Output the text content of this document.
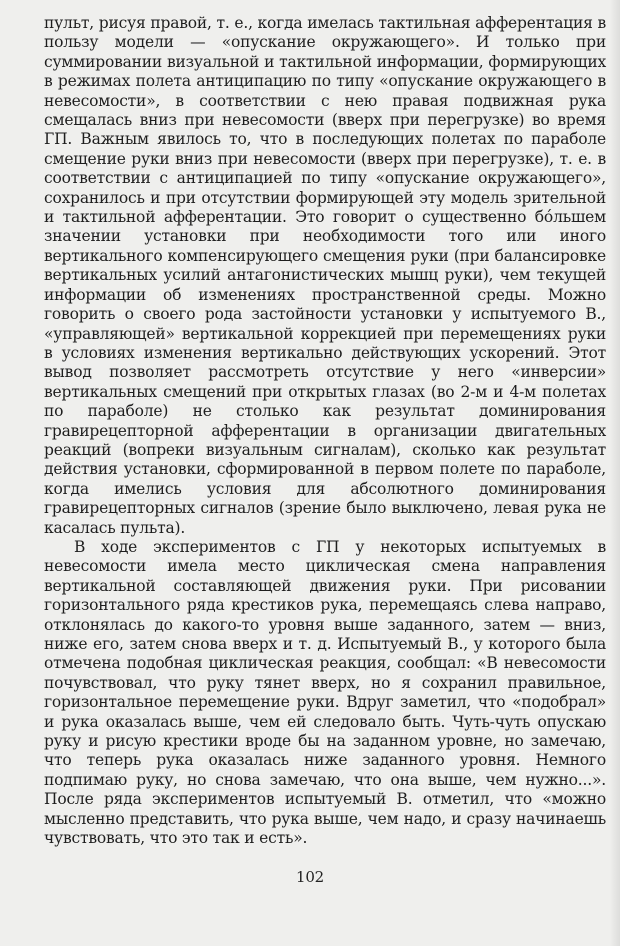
пульт, рисуя правой, т. е., когда имелась тактильная афферентация в пользу модели — «опускание окружающего». И только при суммировании визуальной и тактильной информации, формирующих в режимах полета антиципацию по типу «опускание окружающего в невесомости», в соответствии с нею правая подвижная рука смещалась вниз при невесомости (вверх при перегрузке) во время ГП. Важным явилось то, что в последующих полетах по параболе смещение руки вниз при невесомости (вверх при перегрузке), т. е. в соответствии с антиципацией по типу «опускание окружающего», сохранилось и при отсутствии формирующей эту модель зрительной и тактильной афферентации. Это говорит о существенно бо́льшем значении установки при необходимости того или иного вертикального компенсирующего смещения руки (при балансировке вертикальных усилий антагонистических мышц руки), чем текущей информации об изменениях пространственной среды. Можно говорить о своего рода застойности установки у испытуемого В., «управляющей» вертикальной коррекцией при перемещениях руки в условиях изменения вертикально действующих ускорений. Этот вывод позволяет рассмотреть отсутствие у него «инверсии» вертикальных смещений при открытых глазах (во 2-м и 4-м полетах по параболе) не столько как результат доминирования гравирецепторной афферентации в организации двигательных реакций (вопреки визуальным сигналам), сколько как результат действия установки, сформированной в первом полете по параболе, когда имелись условия для абсолютного доминирования гравирецепторных сигналов (зрение было выключено, левая рука не касалась пульта).

В ходе экспериментов с ГП у некоторых испытуемых в невесомости имела место циклическая смена направления вертикальной составляющей движения руки. При рисовании горизонтального ряда крестиков рука, перемещаясь слева направо, отклонялась до какого-то уровня выше заданного, затем — вниз, ниже его, затем снова вверх и т. д. Испытуемый В., у которого была отмечена подобная циклическая реакция, сообщал: «В невесомости почувствовал, что руку тянет вверх, но я сохранил правильное, горизонтальное перемещение руки. Вдруг заметил, что «подобрал» и рука оказалась выше, чем ей следовало быть. Чуть-чуть опускаю руку и рисую крестики вроде бы на заданном уровне, но замечаю, что теперь рука оказалась ниже заданного уровня. Немного подпимаю руку, но снова замечаю, что она выше, чем нужно...». После ряда экспериментов испытуемый В. отметил, что «можно мысленно представить, что рука выше, чем надо, и сразу начинаешь чувствовать, что это так и есть».

102
